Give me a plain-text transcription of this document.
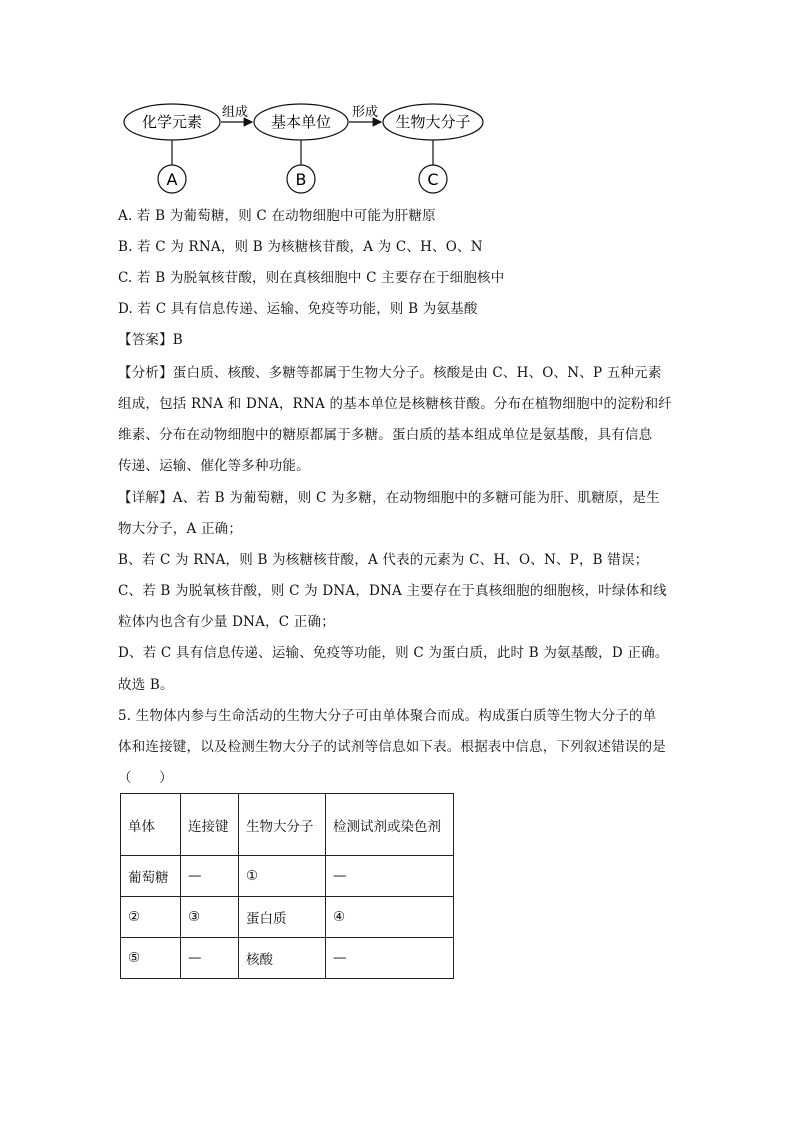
化学元素	基本单位	生物大分子
组成	形成
A	B	C
A. 若 B 为葡萄糖，则 C 在动物细胞中可能为肝糖原
B. 若 C 为 RNA，则 B 为核糖核苷酸，A 为 C、H、O、N
C. 若 B 为脱氧核苷酸，则在真核细胞中 C 主要存在于细胞核中
D. 若 C 具有信息传递、运输、免疫等功能，则 B 为氨基酸
【答案】B
【分析】蛋白质、核酸、多糖等都属于生物大分子。核酸是由 C、H、O、N、P 五种元素
组成，包括 RNA 和 DNA，RNA 的基本单位是核糖核苷酸。分布在植物细胞中的淀粉和纤
维素、分布在动物细胞中的糖原都属于多糖。蛋白质的基本组成单位是氨基酸，具有信息
传递、运输、催化等多种功能。
【详解】A、若 B 为葡萄糖，则 C 为多糖，在动物细胞中的多糖可能为肝、肌糖原，是生
物大分子，A 正确；
B、若 C 为 RNA，则 B 为核糖核苷酸，A 代表的元素为 C、H、O、N、P，B 错误；
C、若 B 为脱氧核苷酸，则 C 为 DNA，DNA 主要存在于真核细胞的细胞核，叶绿体和线
粒体内也含有少量 DNA，C 正确；
D、若 C 具有信息传递、运输、免疫等功能，则 C 为蛋白质，此时 B 为氨基酸，D 正确。
故选 B。
5. 生物体内参与生命活动的生物大分子可由单体聚合而成。构成蛋白质等生物大分子的单
体和连接键，以及检测生物大分子的试剂等信息如下表。根据表中信息，下列叙述错误的是
（　　）
单体	连接键	生物大分子	检测试剂或染色剂
葡萄糖	—	①	—
②	③	蛋白质	④
⑤	—	核酸	—
